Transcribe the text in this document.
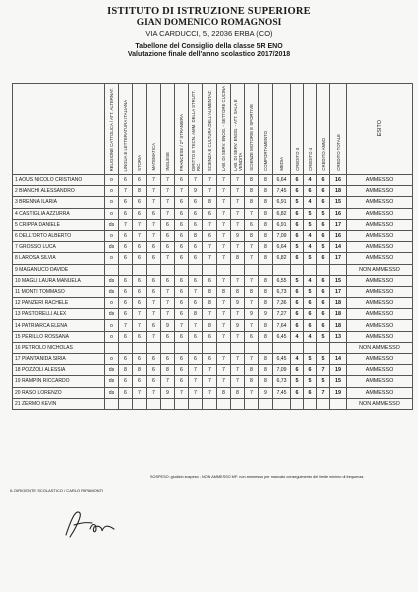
ISTITUTO DI ISTRUZIONE SUPERIORE
GIAN DOMENICO ROMAGNOSI
VIA CARDUCCI, 5, 22036 ERBA (CO)
Tabellone del Consiglio della classe 5R ENO
Valutazione finale dell'anno scolastico 2017/2018
	RELIGIONE CATTOLICA / ATT. ALTERNAT.	LINGUA E LETTERATURA ITALIANA	STORIA	MATEMATICA	INGLESE	FRANCESE / 2^ STRANIERA	DIRITTO E TECN. AMM. DELLA STRUTT. RIC.	SCIENZA E CULTURA DELL'ALIMENTAZ.	LAB. DI SERV. ENOG. - SETTORE CUCINA	LAB. DI SERV. ENOG. - ATT. SALA E VENDITA	SCIENZE MOTORIE E SPORTIVE	COMPORTAMENTO	MEDIA	CREDITO 3	CREDITO 4	CREDITO ANNO	CREDITO TOTALE	ESITO
1 AOUS NICOLO CRISTIANO	o	6	6	7	7	6	7	7	7	7	8	8	6,64	6	4	6	16	AMMESSO
2 BIANCHI ALESSANDRO	o	7	8	7	7	7	9	7	7	7	8	8	7,45	6	6	6	18	AMMESSO
3 BRENNA ILARIA	o	6	6	7	7	6	6	8	7	7	8	8	6,91	5	4	6	15	AMMESSO
4 CASTIGLIA AZZURRA	o	6	6	6	7	6	6	6	7	7	7	8	6,82	6	5	5	16	AMMESSO
5 CRIPPA DANIELE	ds	7	7	7	6	6	6	7	7	7	6	8	6,91	6	5	6	17	AMMESSO
6 DELL'ORTO ALBERTO	o	6	7	7	6	6	8	6	7	9	8	8	7,09	6	4	6	16	AMMESSO
7 GROSSO LUCA	ds	6	6	6	6	6	6	7	7	7	7	8	6,64	5	4	5	14	AMMESSO
8 LAROSA SILVIA	o	6	6	6	7	6	6	7	7	8	7	8	6,82	6	5	6	17	AMMESSO
9 MAGANUCO DAVIDE																		NON AMMESSO
10 MAGLI LAURA MANUELA	ds	6	6	6	6	6	6	6	7	7	7	8	6,55	5	4	6	15	AMMESSO
11 MONTI TOMMASO	ds	6	6	6	7	6	7	8	8	8	8	8	6,73	6	5	6	17	AMMESSO
12 PANZERI RACHELE	o	6	6	7	7	6	6	8	7	9	7	8	7,36	6	6	6	18	AMMESSO
13 PASTORELLI ALEX	ds	6	7	7	7	6	8	7	7	7	9	9	7,27	6	6	6	18	AMMESSO
14 PATRIARCA ELENA	o	7	7	6	9	7	7	8	7	9	7	8	7,64	6	6	6	18	AMMESSO
15 PERILLO ROSSANA	o	6	6	7	6	6	6	6	7	7	6	8	6,45	4	4	5	13	AMMESSO
16 PETROLO NICHOLAS																		NON AMMESSO
17 PIANTANIDA SIRIA	o	6	6	6	6	6	6	6	7	7	7	8	6,45	4	5	5	14	AMMESSO
18 POZZOLI ALESSIA	ds	8	8	6	8	6	7	7	7	7	8	8	7,09	6	6	7	19	AMMESSO
19 RAMPIN RICCARDO	ds	6	6	6	7	6	7	7	7	7	8	8	6,73	5	5	5	15	AMMESSO
20 RASO LORENZO	ds	6	7	7	9	7	7	7	8	8	7	9	7,45	6	6	7	19	AMMESSO
21 ZERMO KEVIN																		NON AMMESSO
SOSPESO: giudizio sospeso ; NON AMMESSO MF: non ammesso per mancato conseguimento del limite minimo di frequenza
IL DIRIGENTE SCOLASTICO / CARLO RIPAMONTI
